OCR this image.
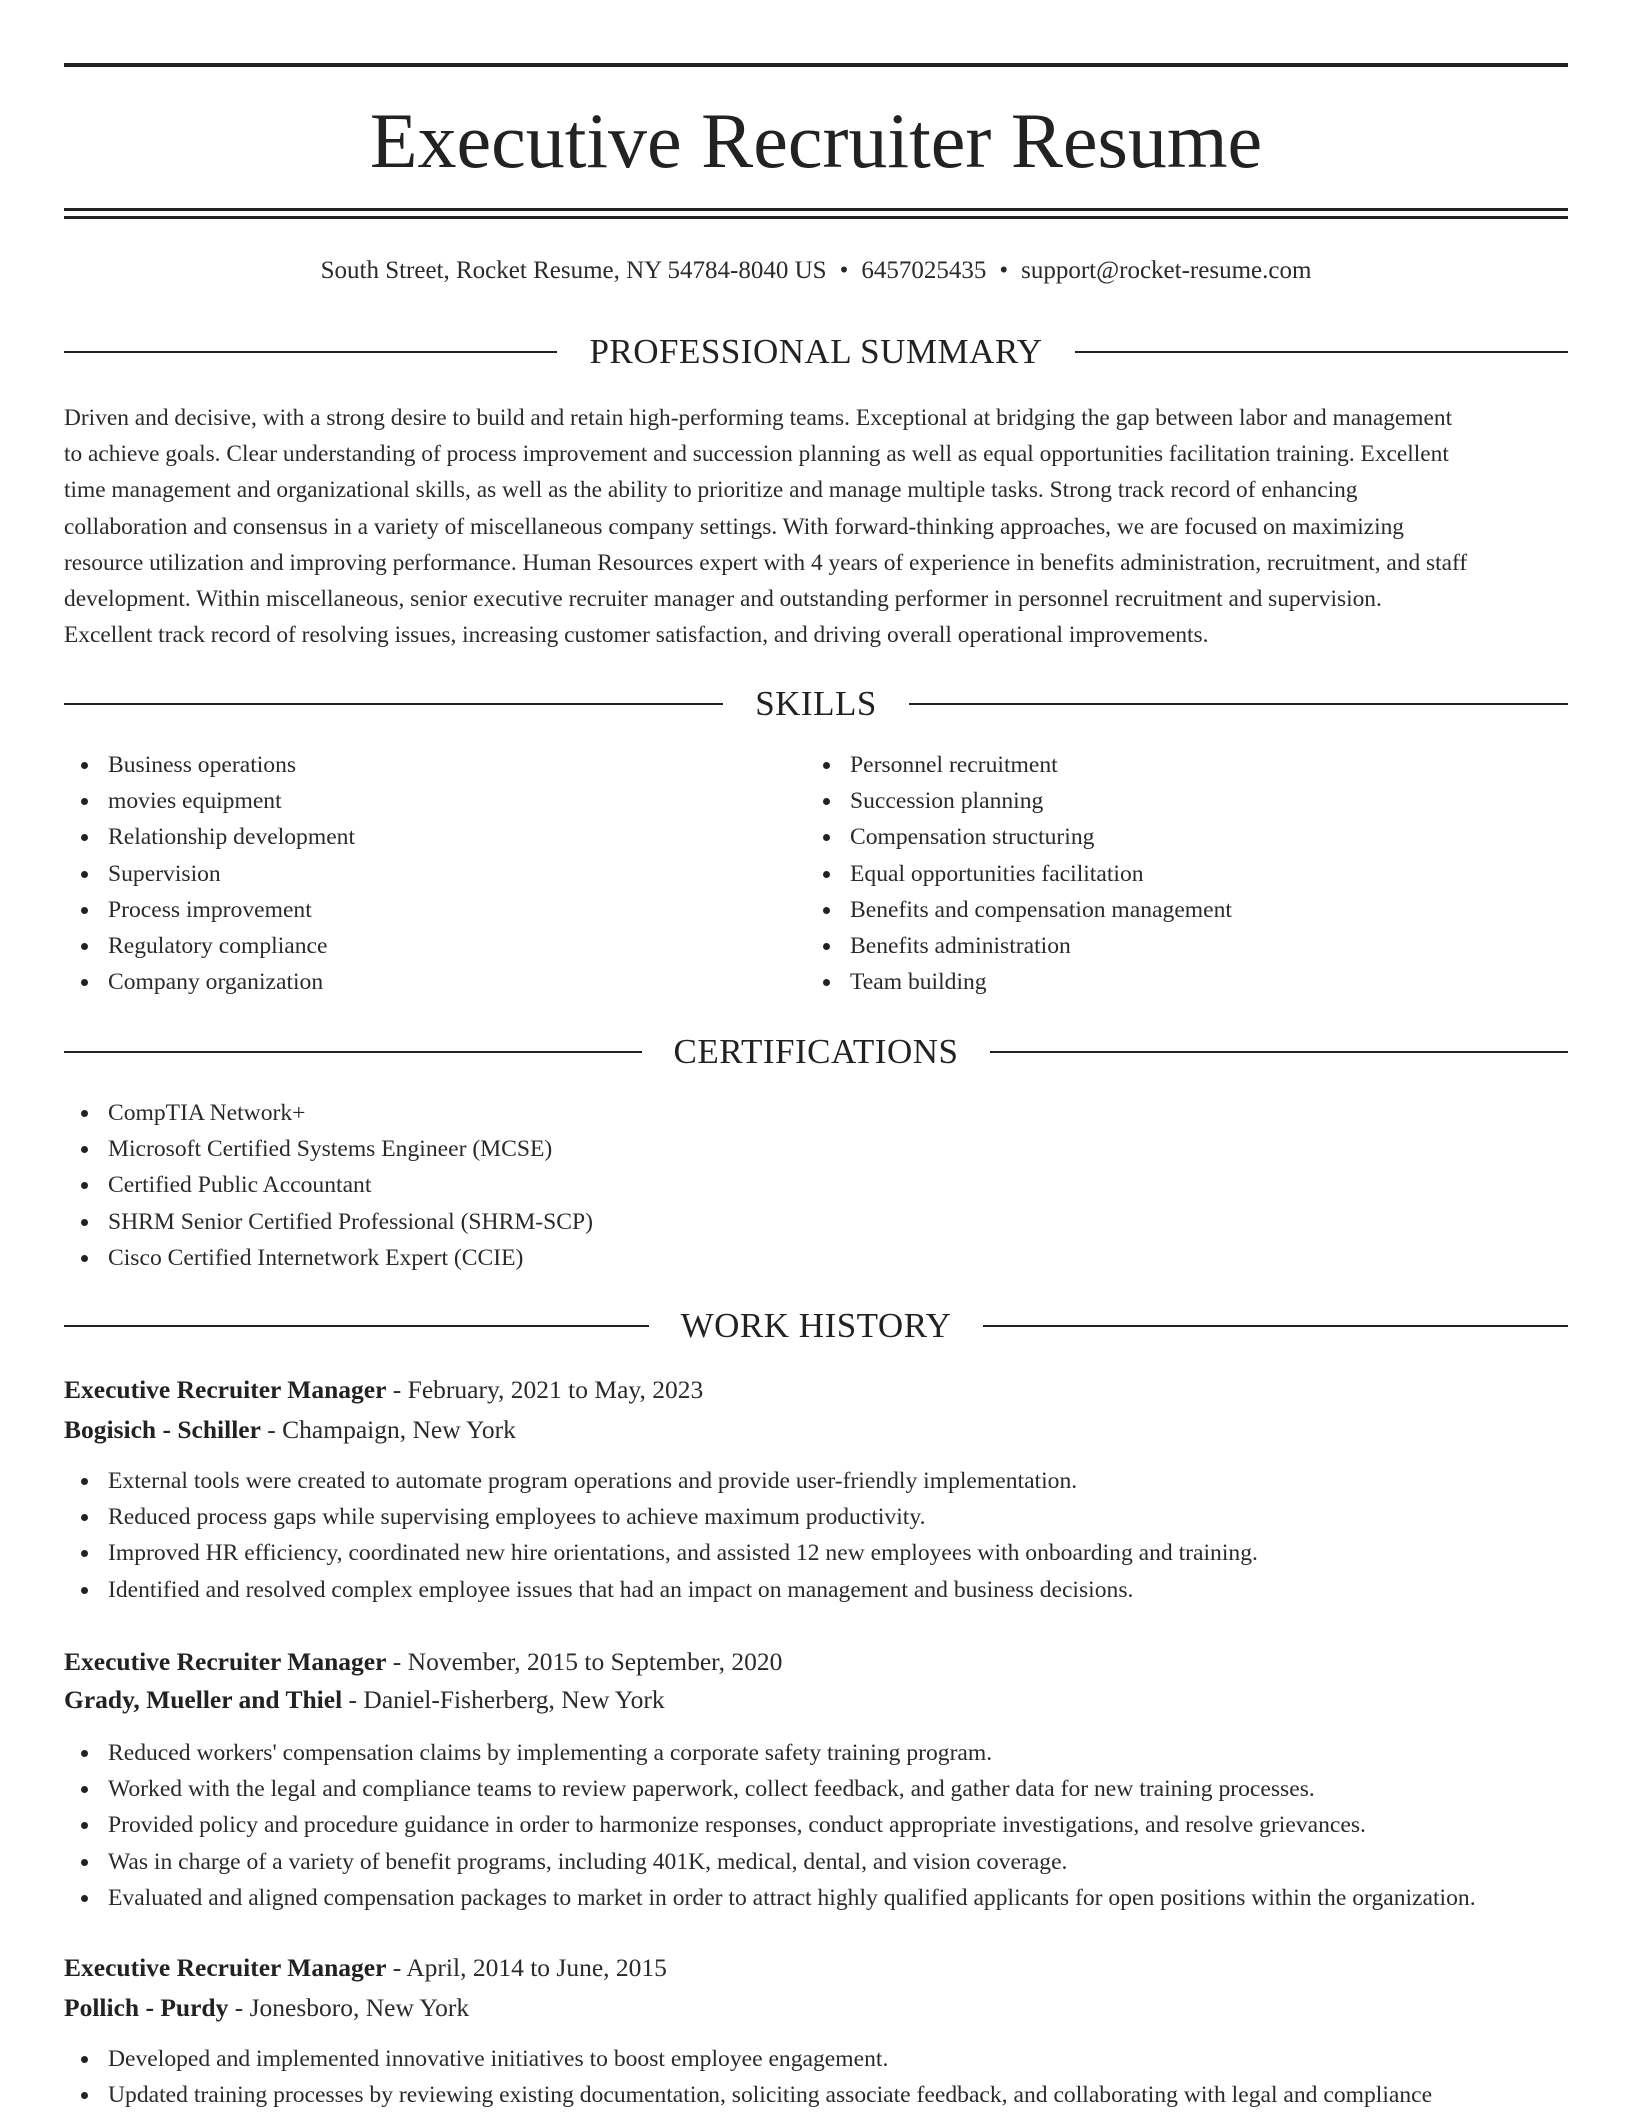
Executive Recruiter Resume
South Street, Rocket Resume, NY 54784-8040 US • 6457025435 • support@rocket-resume.com
PROFESSIONAL SUMMARY
Driven and decisive, with a strong desire to build and retain high-performing teams. Exceptional at bridging the gap between labor and management
to achieve goals. Clear understanding of process improvement and succession planning as well as equal opportunities facilitation training. Excellent
time management and organizational skills, as well as the ability to prioritize and manage multiple tasks. Strong track record of enhancing
collaboration and consensus in a variety of miscellaneous company settings. With forward-thinking approaches, we are focused on maximizing
resource utilization and improving performance. Human Resources expert with 4 years of experience in benefits administration, recruitment, and staff
development. Within miscellaneous, senior executive recruiter manager and outstanding performer in personnel recruitment and supervision.
Excellent track record of resolving issues, increasing customer satisfaction, and driving overall operational improvements.
SKILLS
Business operations
movies equipment
Relationship development
Supervision
Process improvement
Regulatory compliance
Company organization
Personnel recruitment
Succession planning
Compensation structuring
Equal opportunities facilitation
Benefits and compensation management
Benefits administration
Team building
CERTIFICATIONS
CompTIA Network+
Microsoft Certified Systems Engineer (MCSE)
Certified Public Accountant
SHRM Senior Certified Professional (SHRM-SCP)
Cisco Certified Internetwork Expert (CCIE)
WORK HISTORY
Executive Recruiter Manager - February, 2021 to May, 2023
Bogisich - Schiller - Champaign, New York
External tools were created to automate program operations and provide user-friendly implementation.
Reduced process gaps while supervising employees to achieve maximum productivity.
Improved HR efficiency, coordinated new hire orientations, and assisted 12 new employees with onboarding and training.
Identified and resolved complex employee issues that had an impact on management and business decisions.
Executive Recruiter Manager - November, 2015 to September, 2020
Grady, Mueller and Thiel - Daniel-Fisherberg, New York
Reduced workers' compensation claims by implementing a corporate safety training program.
Worked with the legal and compliance teams to review paperwork, collect feedback, and gather data for new training processes.
Provided policy and procedure guidance in order to harmonize responses, conduct appropriate investigations, and resolve grievances.
Was in charge of a variety of benefit programs, including 401K, medical, dental, and vision coverage.
Evaluated and aligned compensation packages to market in order to attract highly qualified applicants for open positions within the organization.
Executive Recruiter Manager - April, 2014 to June, 2015
Pollich - Purdy - Jonesboro, New York
Developed and implemented innovative initiatives to boost employee engagement.
Updated training processes by reviewing existing documentation, soliciting associate feedback, and collaborating with legal and compliance
